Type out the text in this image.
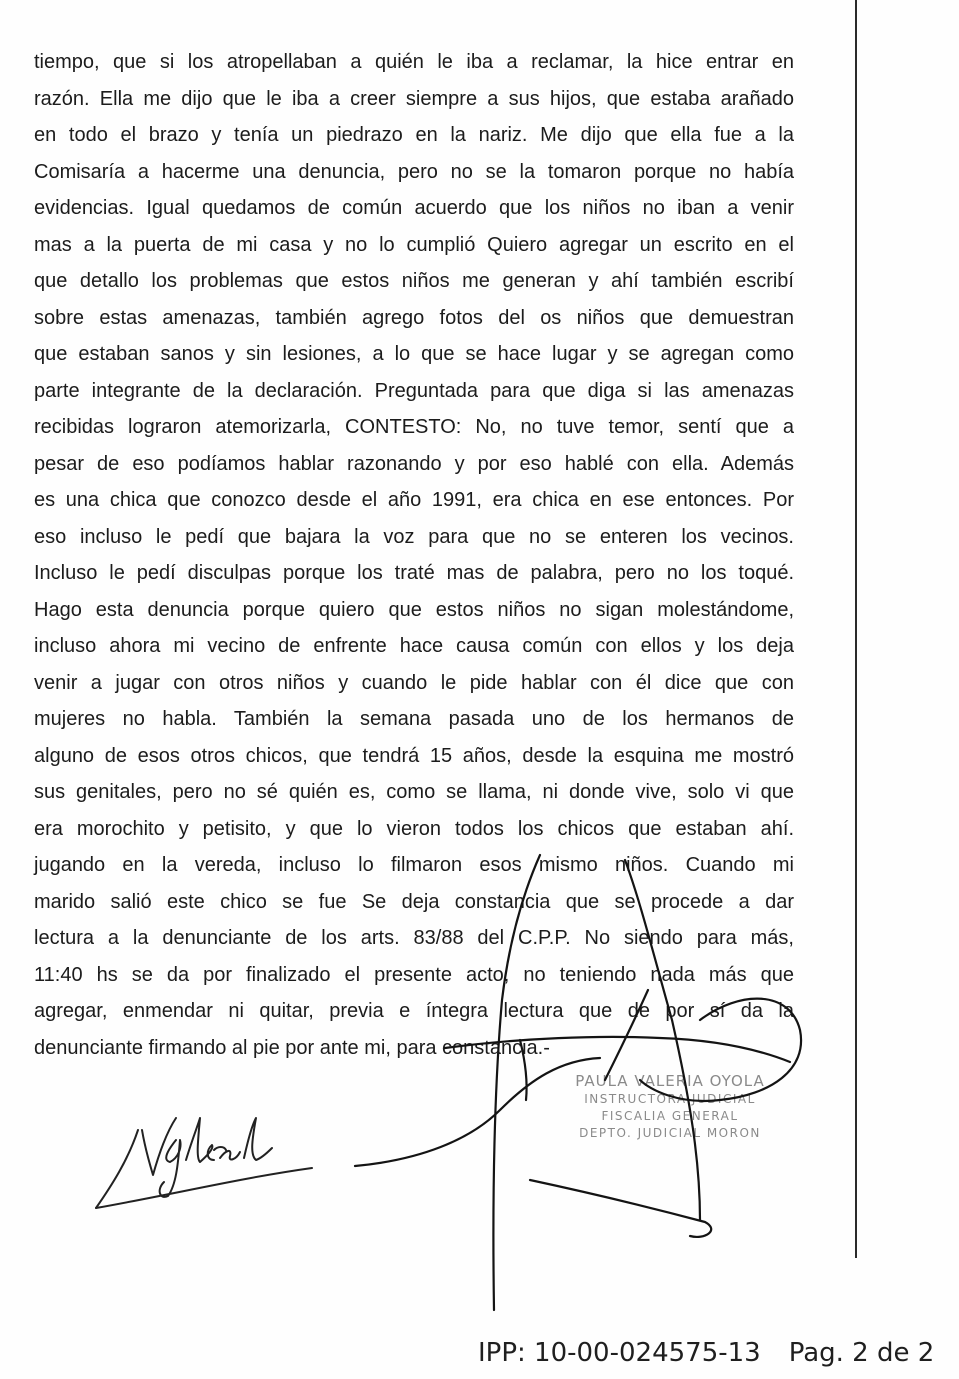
tiempo, que si los atropellaban a quién le iba a reclamar, la hice entrar en
razón. Ella me dijo que le iba a creer siempre a sus hijos, que estaba arañado
en todo el brazo y tenía un piedrazo en la nariz. Me dijo que ella fue a la
Comisaría a hacerme una denuncia, pero no se la tomaron porque no había
evidencias. Igual quedamos de común acuerdo que los niños no iban a venir
mas a la puerta de mi casa y no lo cumplió Quiero agregar un escrito en el
que detallo los problemas que estos niños me generan y ahí también escribí
sobre estas amenazas, también agrego fotos del os niños que demuestran
que estaban sanos y sin lesiones, a lo que se hace lugar y se agregan como
parte integrante de la declaración. Preguntada para que diga si las amenazas
recibidas lograron atemorizarla, CONTESTO: No, no tuve temor, sentí que a
pesar de eso podíamos hablar razonando y por eso hablé con ella. Además
es una chica que conozco desde el año 1991, era chica en ese entonces. Por
eso incluso le pedí que bajara la voz para que no se enteren los vecinos.
Incluso le pedí disculpas porque los traté mas de palabra, pero no los toqué.
Hago esta denuncia porque quiero que estos niños no sigan molestándome,
incluso ahora mi vecino de enfrente hace causa común con ellos y los deja
venir a jugar con otros niños y cuando le pide hablar con él dice que con
mujeres no habla. También la semana pasada uno de los hermanos de
alguno de esos otros chicos, que tendrá 15 años, desde la esquina me mostró
sus genitales, pero no sé quién es, como se llama, ni donde vive, solo vi que
era morochito y petisito, y que lo vieron todos los chicos que estaban ahí.
jugando en la vereda, incluso lo filmaron esos mismo niños. Cuando mi
marido salió este chico se fue Se deja constancia que se procede a dar
lectura a la denunciante de los arts. 83/88 del C.P.P. No siendo para más,
11:40 hs se da por finalizado el presente acto, no teniendo nada más que
agregar, enmendar ni quitar, previa e íntegra lectura que de por sí da la
denunciante firmando al pie por ante mi, para constancia.-
PAULA VALERIA OYOLA
INSTRUCTORA JUDICIAL
FISCALIA GENERAL
DEPTO. JUDICIAL MORON
IPP: 10-00-024575-13 Pag. 2 de 2
